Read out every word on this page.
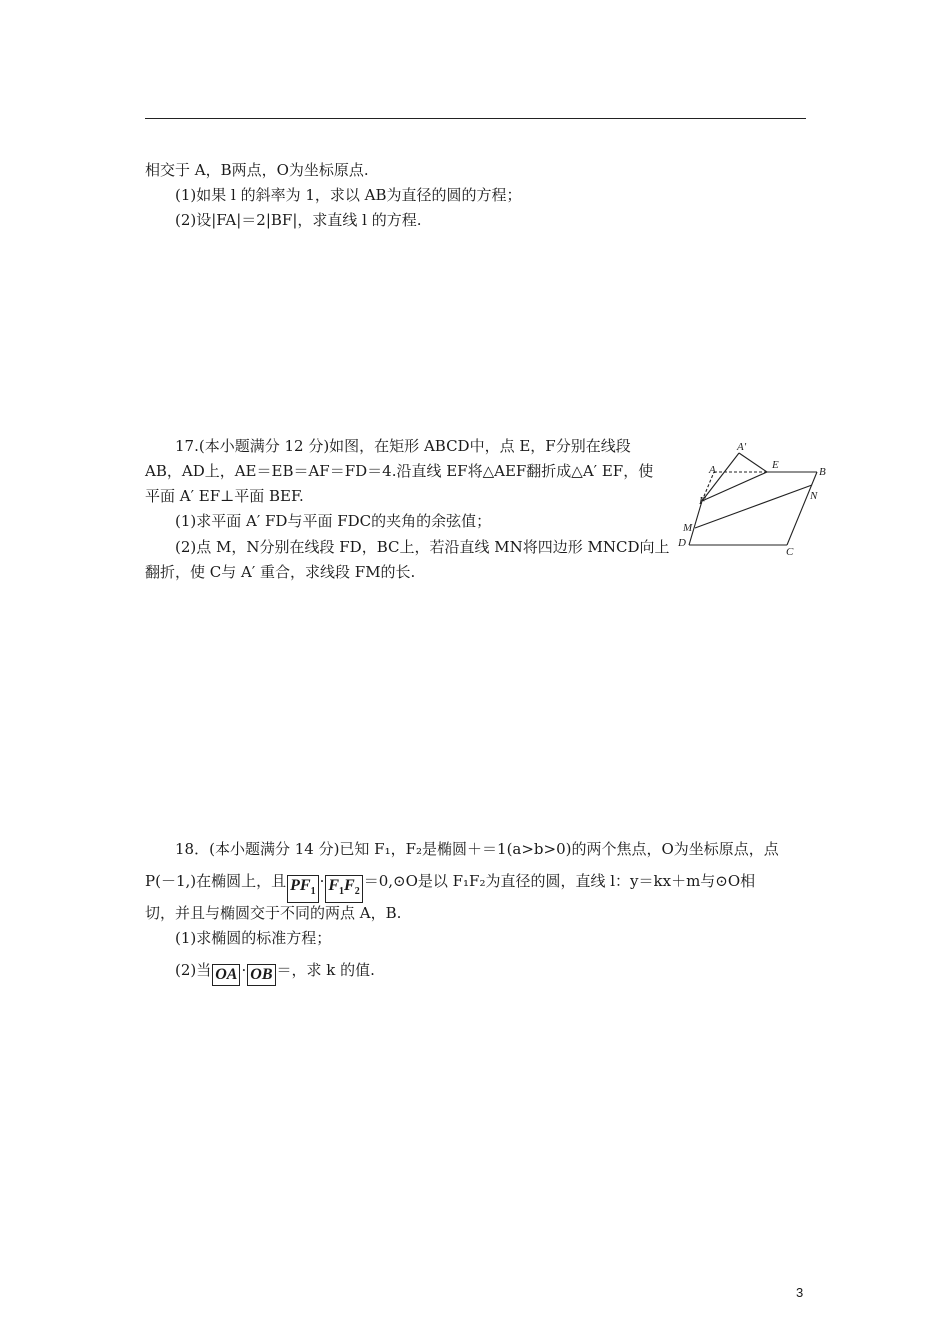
相交于 A，B两点，O为坐标原点.
(1)如果 l 的斜率为 1，求以 AB为直径的圆的方程；
(2)设|FA|＝2|BF|，求直线 l 的方程.
17.(本小题满分 12 分)如图，在矩形 ABCD中，点 E，F分别在线段
AB，AD上，AE＝EB＝AF＝FD＝4.沿直线 EF将△AEF翻折成△A′ EF，使
平面 A′ EF⊥平面 BEF.
(1)求平面 A′ FD与平面 FDC的夹角的余弦值；
(2)点 M，N分别在线段 FD，BC上，若沿直线 MN将四边形 MNCD向上
翻折，使 C与 A′ 重合，求线段 FM的长.
A′
A	E
B
F	N
M
D
C
18．(本小题满分 14 分)已知 F₁，F₂是椭圆＋＝1(a>b>0)的两个焦点，O为坐标原点，点
P(－1,)在椭圆上，且 $PF_1\cdot$ $F_1F_2=0,⊙O$是以 F₁F₂为直径的圆，直线 l：y＝kx＋m与⊙O相
切，并且与椭圆交于不同的两点 A，B.
(1)求椭圆的标准方程；
(2)当 OA · OB ＝，求 k 的值.
3
